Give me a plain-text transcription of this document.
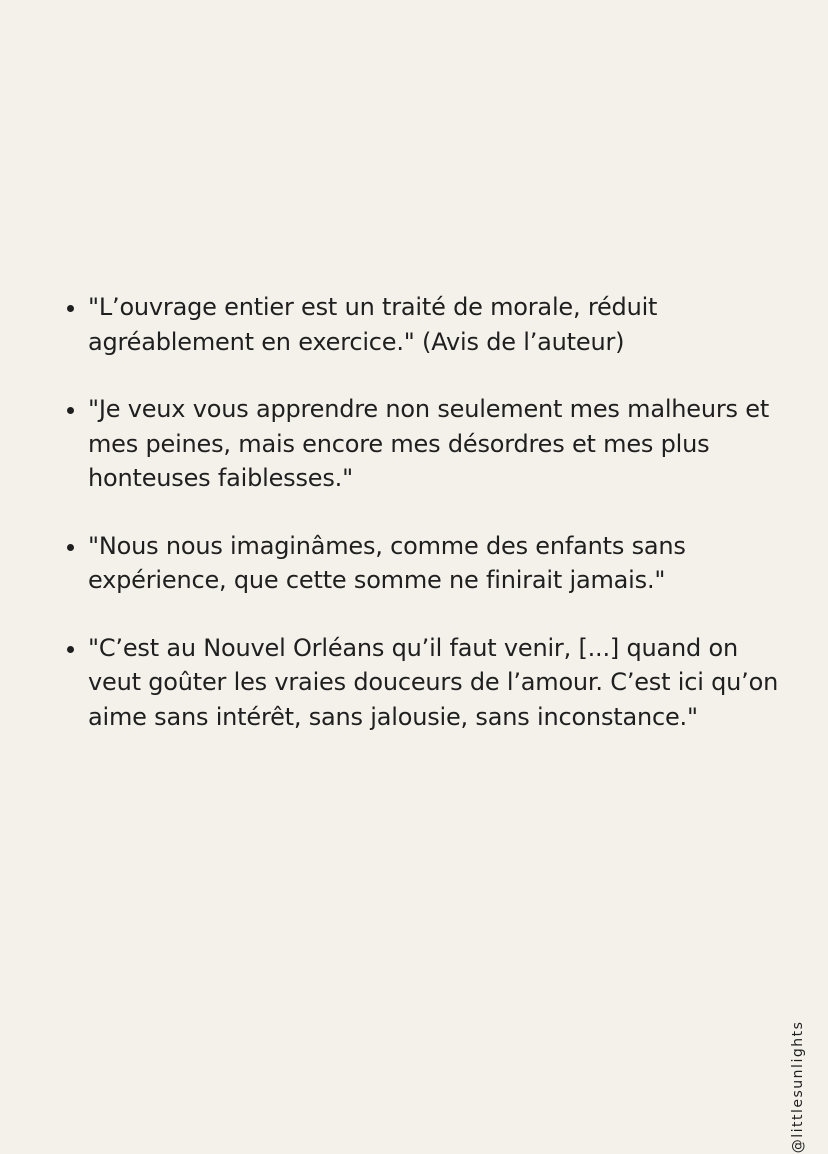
"L’ouvrage entier est un traité de morale, réduit agréablement en exercice." (Avis de l’auteur)
"Je veux vous apprendre non seulement mes malheurs et mes peines, mais encore mes désordres et mes plus honteuses faiblesses."
"Nous nous imaginâmes, comme des enfants sans expérience, que cette somme ne finirait jamais."
"C’est au Nouvel Orléans qu’il faut venir, [...] quand on veut goûter les vraies douceurs de l’amour. C’est ici qu’on aime sans intérêt, sans jalousie, sans inconstance."
@littlesunlights
